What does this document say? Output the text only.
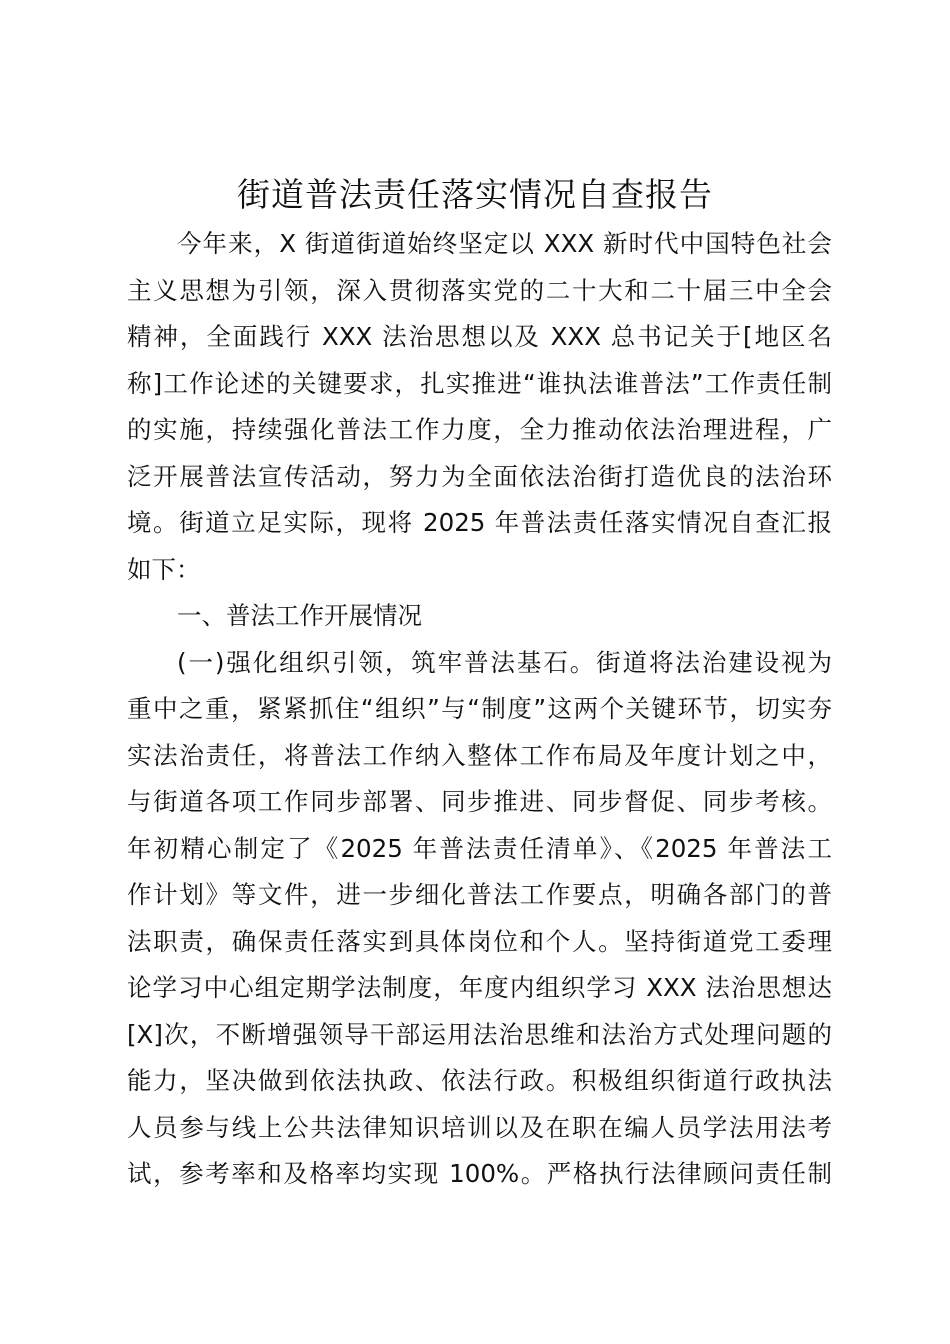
街道普法责任落实情况自查报告
今年来，X 街道街道始终坚定以 XXX 新时代中国特色社会
主义思想为引领，深入贯彻落实党的二十大和二十届三中全会
精神，全面践行 XXX 法治思想以及 XXX 总书记关于[地区名
称]工作论述的关键要求，扎实推进“谁执法谁普法”工作责任制
的实施，持续强化普法工作力度，全力推动依法治理进程，广
泛开展普法宣传活动，努力为全面依法治街打造优良的法治环
境。街道立足实际，现将 2025 年普法责任落实情况自查汇报
如下：
一、普法工作开展情况
(一)强化组织引领，筑牢普法基石。街道将法治建设视为
重中之重，紧紧抓住“组织”与“制度”这两个关键环节，切实夯
实法治责任，将普法工作纳入整体工作布局及年度计划之中，
与街道各项工作同步部署、同步推进、同步督促、同步考核。
年初精心制定了《2025 年普法责任清单》、《2025 年普法工
作计划》等文件，进一步细化普法工作要点，明确各部门的普
法职责，确保责任落实到具体岗位和个人。坚持街道党工委理
论学习中心组定期学法制度，年度内组织学习 XXX 法治思想达
[X]次，不断增强领导干部运用法治思维和法治方式处理问题的
能力，坚决做到依法执政、依法行政。积极组织街道行政执法
人员参与线上公共法律知识培训以及在职在编人员学法用法考
试，参考率和及格率均实现 100%。严格执行法律顾问责任制
